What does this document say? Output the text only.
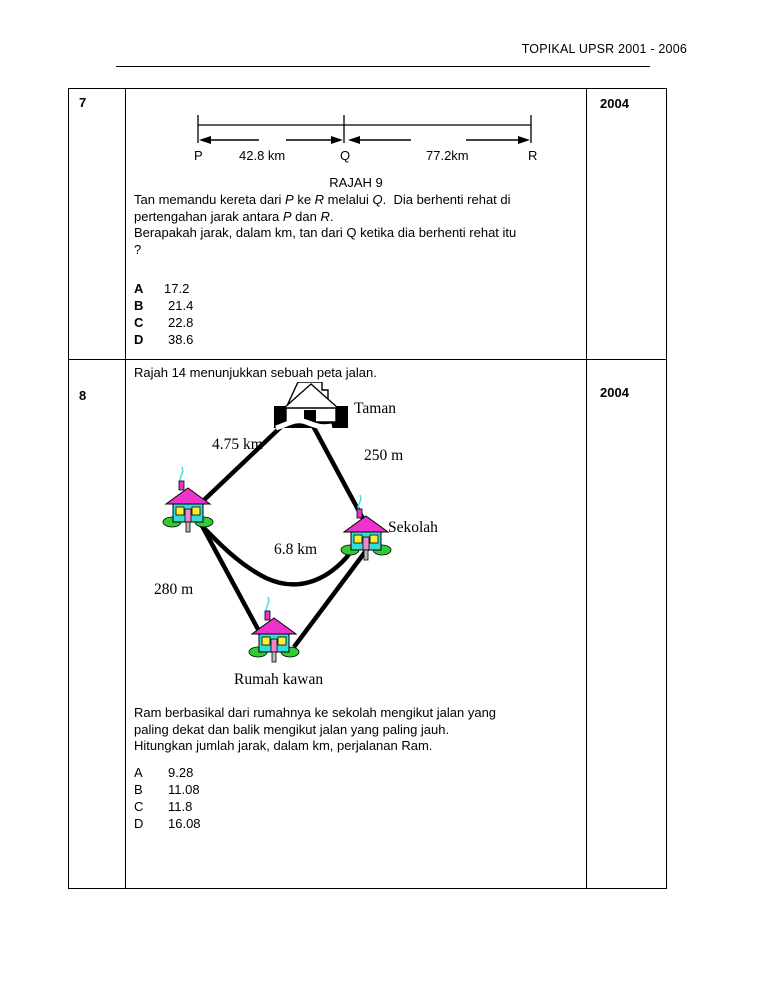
TOPIKAL UPSR 2001 - 2006
7

P	Q	R
42.8 km	77.2km
RAJAH 9

Tan memandu kereta dari P ke R melalui Q.  Dia berhenti rehat di

pertengahan jarak antara P dan R.

Berapakah jarak, dalam km, tan dari Q ketika dia berhenti rehat itu

?

A	17.2
B	21.4
C	22.8
D	38.6

2004

8

Rajah 14 menunjukkan sebuah peta jalan.

Taman
Sekolah
Rumah kawan
4.75 km
250 m
6.8 km
280 m

Ram berbasikal dari rumahnya ke sekolah mengikut jalan yang

paling dekat dan balik mengikut jalan yang paling jauh.

Hitungkan jumlah jarak, dalam km, perjalanan Ram.

A	9.28
B	11.08
C	11.8
D	16.08

2004
